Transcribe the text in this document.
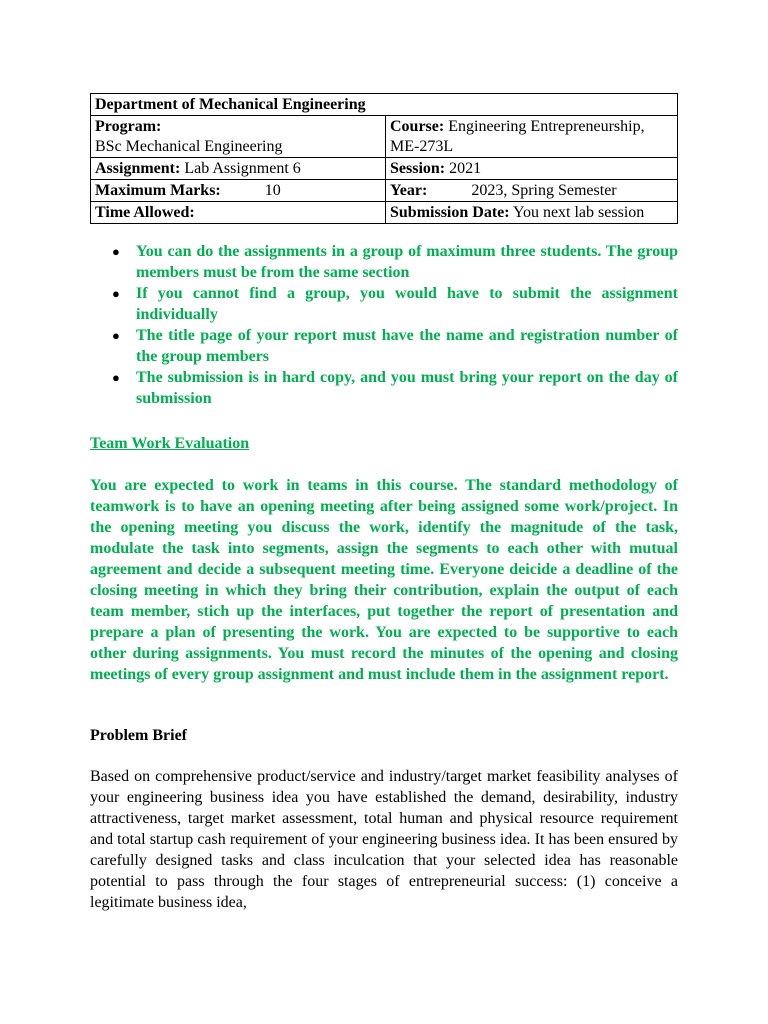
Department of Mechanical Engineering	
Program:
BSc Mechanical Engineering	Course: Engineering Entrepreneurship,
ME-273L
Assignment: Lab Assignment 6	Session: 2021
Maximum Marks: 10	Year: 2023, Spring Semester
Time Allowed:	Submission Date: You next lab session
● You can do the assignments in a group of maximum three students. The group members must be from the same section
● If you cannot find a group, you would have to submit the assignment individually
● The title page of your report must have the name and registration number of the group members
● The submission is in hard copy, and you must bring your report on the day of submission
Team Work Evaluation

You are expected to work in teams in this course. The standard methodology of teamwork is to have an opening meeting after being assigned some work/project. In the opening meeting you discuss the work, identify the magnitude of the task, modulate the task into segments, assign the segments to each other with mutual agreement and decide a subsequent meeting time. Everyone deicide a deadline of the closing meeting in which they bring their contribution, explain the output of each team member, stich up the interfaces, put together the report of presentation and prepare a plan of presenting the work. You are expected to be supportive to each other during assignments. You must record the minutes of the opening and closing meetings of every group assignment and must include them in the assignment report.

Problem Brief

Based on comprehensive product/service and industry/target market feasibility analyses of your engineering business idea you have established the demand, desirability, industry attractiveness, target market assessment, total human and physical resource requirement and total startup cash requirement of your engineering business idea. It has been ensured by carefully designed tasks and class inculcation that your selected idea has reasonable potential to pass through the four stages of entrepreneurial success: (1) conceive a legitimate business idea,
